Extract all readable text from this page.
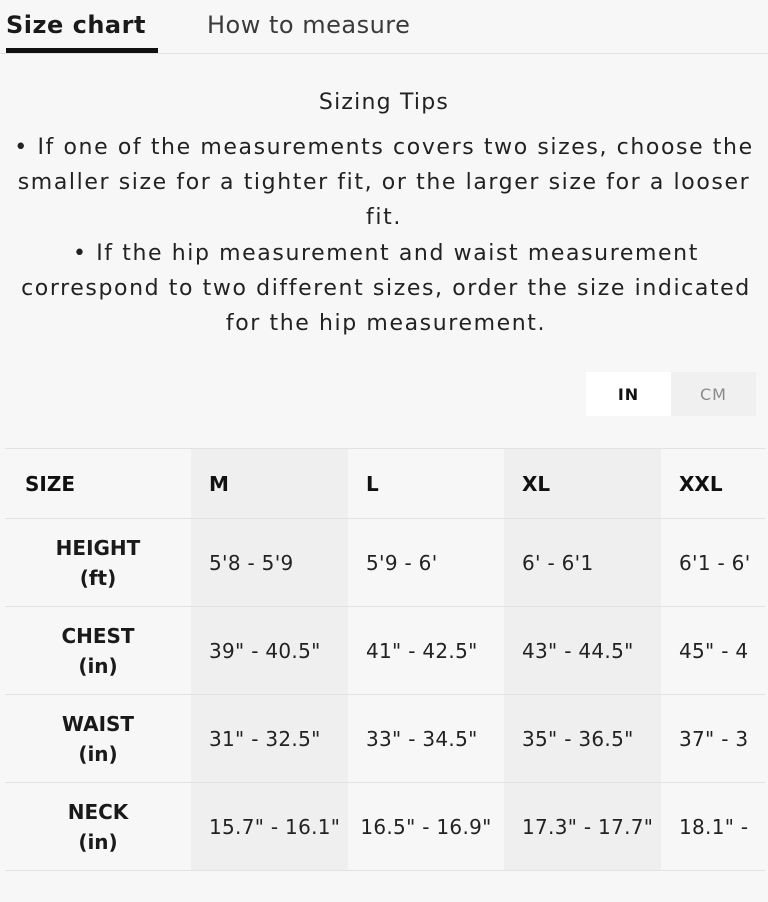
Size chart	How to measure
Sizing Tips
• If one of the measurements covers two sizes, choose the smaller size for a tighter fit, or the larger size for a looser fit.
• If the hip measurement and waist measurement correspond to two different sizes, order the size indicated for the hip measurement.
IN	CM
SIZE	M	L	XL	XXL

HEIGHT
(ft)	5'8 - 5'9	5'9 - 6'	6' - 6'1	6'1 - 6'

CHEST
(in)	39" - 40.5"	41" - 42.5"	43" - 44.5"	45" - 4

WAIST
(in)	31" - 32.5"	33" - 34.5"	35" - 36.5"	37" - 3

NECK
(in)	15.7" - 16.1"	16.5" - 16.9"	17.3" - 17.7"	18.1" -
